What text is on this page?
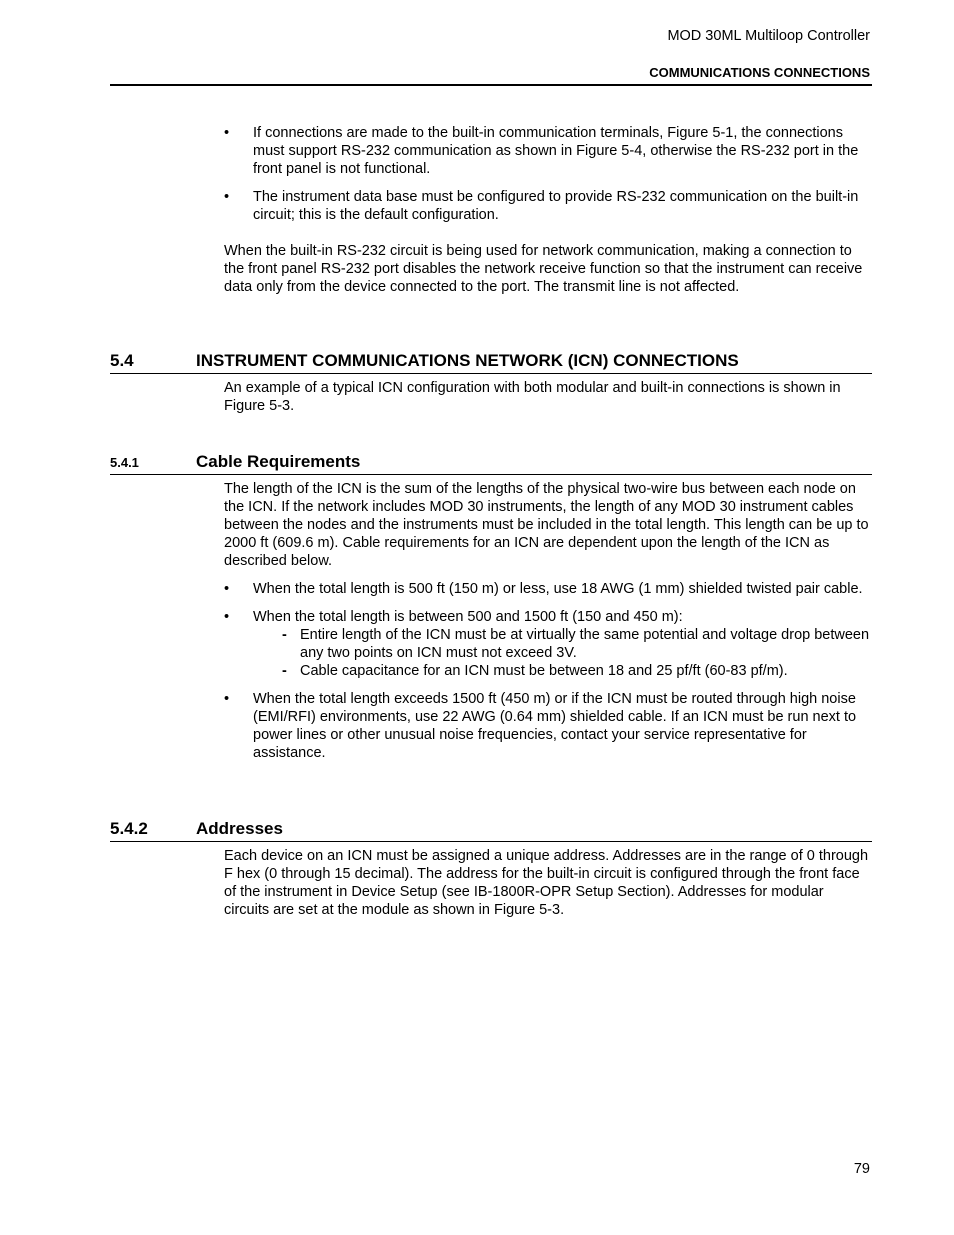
MOD 30ML Multiloop Controller
COMMUNICATIONS CONNECTIONS
• If connections are made to the built-in communication terminals, Figure 5-1, the connections must support RS-232 communication as shown in Figure 5-4, otherwise the RS-232 port in the front panel is not functional.
• The instrument data base must be configured to provide RS-232 communication on the built-in circuit; this is the default configuration.

When the built-in RS-232 circuit is being used for network communication, making a connection to the front panel RS-232 port disables the network receive function so that the instrument can receive data only from the device connected to the port. The transmit line is not affected.

5.4	INSTRUMENT COMMUNICATIONS NETWORK (ICN) CONNECTIONS

An example of a typical ICN configuration with both modular and built-in connections is shown in Figure 5-3.

5.4.1	Cable Requirements

The length of the ICN is the sum of the lengths of the physical two-wire bus between each node on the ICN. If the network includes MOD 30 instruments, the length of any MOD 30 instrument cables between the nodes and the instruments must be included in the total length. This length can be up to 2000 ft (609.6 m). Cable requirements for an ICN are dependent upon the length of the ICN as described below.

• When the total length is 500 ft (150 m) or less, use 18 AWG (1 mm) shielded twisted pair cable.
• When the total length is between 500 and 1500 ft (150 and 450 m):
- Entire length of the ICN must be at virtually the same potential and voltage drop between any two points on ICN must not exceed 3V.
- Cable capacitance for an ICN must be between 18 and 25 pf/ft (60-83 pf/m).
• When the total length exceeds 1500 ft (450 m) or if the ICN must be routed through high noise (EMI/RFI) environments, use 22 AWG (0.64 mm) shielded cable. If an ICN must be run next to power lines or other unusual noise frequencies, contact your service representative for assistance.
5.4.2	Addresses

Each device on an ICN must be assigned a unique address. Addresses are in the range of 0 through F hex (0 through 15 decimal). The address for the built-in circuit is configured through the front face of the instrument in Device Setup (see IB-1800R-OPR Setup Section). Addresses for modular circuits are set at the module as shown in Figure 5-3.

79
